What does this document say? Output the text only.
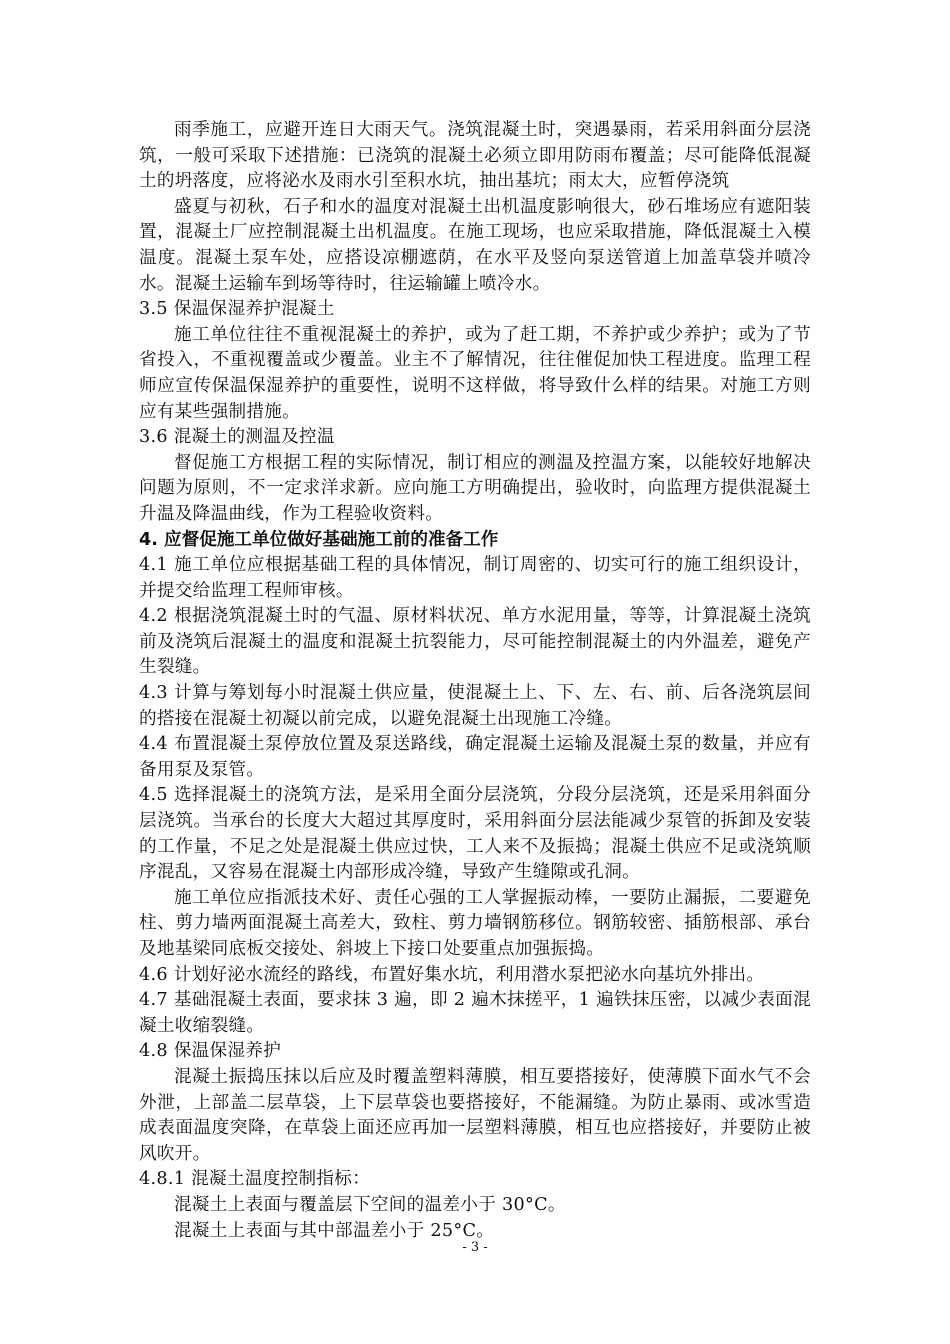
雨季施工，应避开连日大雨天气。浇筑混凝土时，突遇暴雨，若采用斜面分层浇筑，一般可采取下述措施：已浇筑的混凝土必须立即用防雨布覆盖；尽可能降低混凝土的坍落度，应将泌水及雨水引至积水坑，抽出基坑；雨太大，应暂停浇筑

盛夏与初秋，石子和水的温度对混凝土出机温度影响很大，砂石堆场应有遮阳装置，混凝土厂应控制混凝土出机温度。在施工现场，也应采取措施，降低混凝土入模温度。混凝土泵车处，应搭设凉棚遮荫，在水平及竖向泵送管道上加盖草袋并喷冷水。混凝土运输车到场等待时，往运输罐上喷冷水。

3.5 保温保湿养护混凝土

施工单位往往不重视混凝土的养护，或为了赶工期，不养护或少养护；或为了节省投入，不重视覆盖或少覆盖。业主不了解情况，往往催促加快工程进度。监理工程师应宣传保温保湿养护的重要性，说明不这样做，将导致什么样的结果。对施工方则应有某些强制措施。

3.6 混凝土的测温及控温

督促施工方根据工程的实际情况，制订相应的测温及控温方案，以能较好地解决问题为原则，不一定求洋求新。应向施工方明确提出，验收时，向监理方提供混凝土升温及降温曲线，作为工程验收资料。

4. 应督促施工单位做好基础施工前的准备工作

4.1 施工单位应根据基础工程的具体情况，制订周密的、切实可行的施工组织设计，并提交给监理工程师审核。

4.2 根据浇筑混凝土时的气温、原材料状况、单方水泥用量，等等，计算混凝土浇筑前及浇筑后混凝土的温度和混凝土抗裂能力，尽可能控制混凝土的内外温差，避免产生裂缝。

4.3 计算与筹划每小时混凝土供应量，使混凝土上、下、左、右、前、后各浇筑层间的搭接在混凝土初凝以前完成，以避免混凝土出现施工冷缝。

4.4 布置混凝土泵停放位置及泵送路线，确定混凝土运输及混凝土泵的数量，并应有备用泵及泵管。

4.5 选择混凝土的浇筑方法，是采用全面分层浇筑，分段分层浇筑，还是采用斜面分层浇筑。当承台的长度大大超过其厚度时，采用斜面分层法能减少泵管的拆卸及安装的工作量，不足之处是混凝土供应过快，工人来不及振捣；混凝土供应不足或浇筑顺序混乱，又容易在混凝土内部形成冷缝，导致产生缝隙或孔洞。

施工单位应指派技术好、责任心强的工人掌握振动棒，一要防止漏振，二要避免柱、剪力墙两面混凝土高差大，致柱、剪力墙钢筋移位。钢筋较密、插筋根部、承台及地基梁同底板交接处、斜坡上下接口处要重点加强振捣。

4.6 计划好泌水流经的路线，布置好集水坑，利用潜水泵把泌水向基坑外排出。

4.7 基础混凝土表面，要求抹 3 遍，即 2 遍木抹搓平，1 遍铁抹压密，以减少表面混凝土收缩裂缝。

4.8 保温保湿养护

混凝土振捣压抹以后应及时覆盖塑料薄膜，相互要搭接好，使薄膜下面水气不会外泄，上部盖二层草袋，上下层草袋也要搭接好，不能漏缝。为防止暴雨、或冰雪造成表面温度突降，在草袋上面还应再加一层塑料薄膜，相互也应搭接好，并要防止被风吹开。

4.8.1 混凝土温度控制指标：

混凝土上表面与覆盖层下空间的温差小于 30°C。

混凝土上表面与其中部温差小于 25°C。

- 3 -
